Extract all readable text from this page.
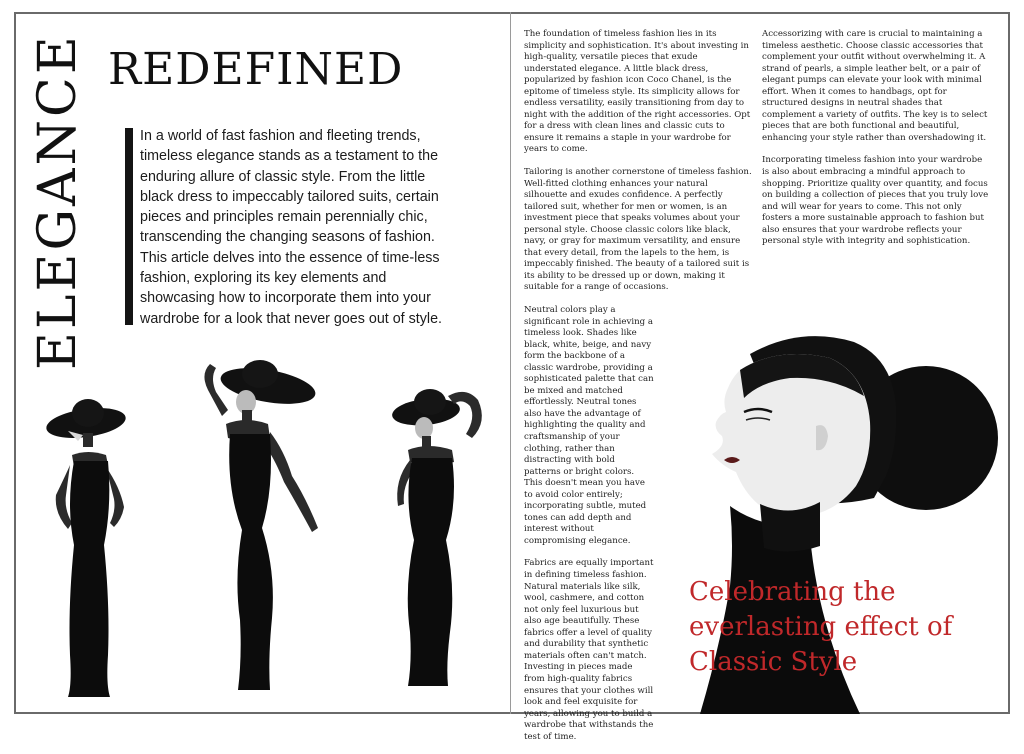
ELEGANCE REDEFINED

In a world of fast fashion and fleeting trends, timeless elegance stands as a testament to the enduring allure of classic style. From the little black dress to impeccably tailored suits, certain pieces and principles remain perennially chic, transcending the changing seasons of fashion. This article delves into the essence of time-less fashion, exploring its key elements and showcasing how to incorporate them into your wardrobe for a look that never goes out of style.

The foundation of timeless fashion lies in its simplicity and sophistication. It's about investing in high-quality, versatile pieces that exude understated elegance. A little black dress, popularized by fashion icon Coco Chanel, is the epitome of timeless style. Its simplicity allows for endless versatility, easily transitioning from day to night with the addition of the right accessories. Opt for a dress with clean lines and classic cuts to ensure it remains a staple in your wardrobe for years to come.

Tailoring is another cornerstone of timeless fashion. Well-fitted clothing enhances your natural silhouette and exudes confidence. A perfectly tailored suit, whether for men or women, is an investment piece that speaks volumes about your personal style. Choose classic colors like black, navy, or gray for maximum versatility, and ensure that every detail, from the lapels to the hem, is impeccably finished. The beauty of a tailored suit is its ability to be dressed up or down, making it suitable for a range of occasions.

Neutral colors play a significant role in achieving a timeless look. Shades like black, white, beige, and navy form the backbone of a classic wardrobe, providing a sophisticated palette that can be mixed and matched effortlessly. Neutral tones also have the advantage of highlighting the quality and craftsmanship of your clothing, rather than distracting with bold patterns or bright colors. This doesn't mean you have to avoid color entirely; incorporating subtle, muted tones can add depth and interest without compromising elegance.

Fabrics are equally important in defining timeless fashion. Natural materials like silk, wool, cashmere, and cotton not only feel luxurious but also age beautifully. These fabrics offer a level of quality and durability that synthetic materials often can't match. Investing in pieces made from high-quality fabrics ensures that your clothes will look and feel exquisite for years, allowing you to build a wardrobe that withstands the test of time.

Accessorizing with care is crucial to maintaining a timeless aesthetic. Choose classic accessories that complement your outfit without overwhelming it. A strand of pearls, a simple leather belt, or a pair of elegant pumps can elevate your look with minimal effort. When it comes to handbags, opt for structured designs in neutral shades that complement a variety of outfits. The key is to select pieces that are both functional and beautiful, enhancing your style rather than overshadowing it.

Incorporating timeless fashion into your wardrobe is also about embracing a mindful approach to shopping. Prioritize quality over quantity, and focus on building a collection of pieces that you truly love and will wear for years to come. This not only fosters a more sustainable approach to fashion but also ensures that your wardrobe reflects your personal style with integrity and sophistication.

Celebrating the
everlasting effect of
Classic Style
